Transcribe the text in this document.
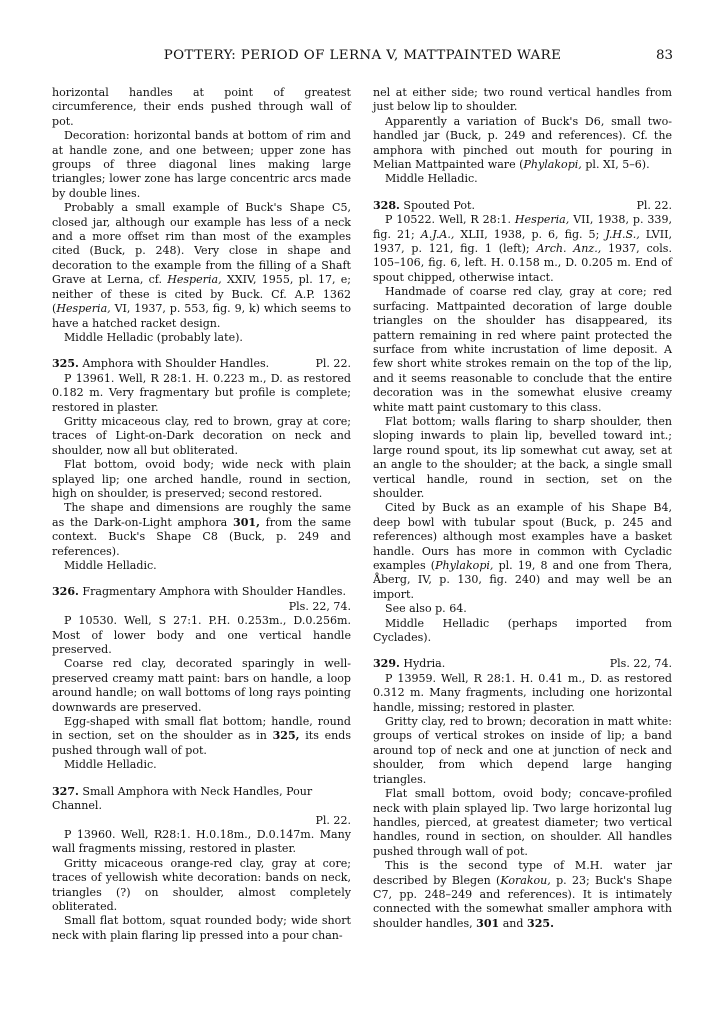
POTTERY: PERIOD OF LERNA V, MATTPAINTED WARE	83

horizontal handles at point of greatest circumference, their ends pushed through wall of pot.

Decoration: horizontal bands at bottom of rim and at handle zone, and one between; upper zone has groups of three diagonal lines making large triangles; lower zone has large concentric arcs made by double lines.

Probably a small example of Buck's Shape C5, closed jar, although our example has less of a neck and a more offset rim than most of the examples cited (Buck, p. 248). Very close in shape and decoration to the example from the filling of a Shaft Grave at Lerna, cf. Hesperia, XXIV, 1955, pl. 17, e; neither of these is cited by Buck. Cf. A.P. 1362 (Hesperia, VI, 1937, p. 553, fig. 9, k) which seems to have a hatched racket design.

Middle Helladic (probably late).

325. Amphora with Shoulder Handles.	Pl. 22.

P 13961. Well, R 28:1. H. 0.223 m., D. as restored 0.182 m. Very fragmentary but profile is complete; restored in plaster.

Gritty micaceous clay, red to brown, gray at core; traces of Light-on-Dark decoration on neck and shoulder, now all but obliterated.

Flat bottom, ovoid body; wide neck with plain splayed lip; one arched handle, round in section, high on shoulder, is preserved; second restored.

The shape and dimensions are roughly the same as the Dark-on-Light amphora 301, from the same context. Buck's Shape C8 (Buck, p. 249 and references).

Middle Helladic.

326. Fragmentary Amphora with Shoulder Handles.
Pls. 22, 74.

P 10530. Well, S 27:1. P.H. 0.253m., D.0.256m. Most of lower body and one vertical handle preserved.

Coarse red clay, decorated sparingly in well-preserved creamy matt paint: bars on handle, a loop around handle; on wall bottoms of long rays pointing downwards are preserved.

Egg-shaped with small flat bottom; handle, round in section, set on the shoulder as in 325, its ends pushed through wall of pot.

Middle Helladic.

327. Small Amphora with Neck Handles, Pour Channel.
Pl. 22.

P 13960. Well, R28:1. H.0.18m., D.0.147m. Many wall fragments missing, restored in plaster.

Gritty micaceous orange-red clay, gray at core; traces of yellowish white decoration: bands on neck, triangles (?) on shoulder, almost completely obliterated.

Small flat bottom, squat rounded body; wide short neck with plain flaring lip pressed into a pour chan-

nel at either side; two round vertical handles from just below lip to shoulder.

Apparently a variation of Buck's D6, small two-handled jar (Buck, p. 249 and references). Cf. the amphora with pinched out mouth for pouring in Melian Mattpainted ware (Phylakopi, pl. XI, 5–6).

Middle Helladic.

328. Spouted Pot.	Pl. 22.

P 10522. Well, R 28:1. Hesperia, VII, 1938, p. 339, fig. 21; A.J.A., XLII, 1938, p. 6, fig. 5; J.H.S., LVII, 1937, p. 121, fig. 1 (left); Arch. Anz., 1937, cols. 105–106, fig. 6, left. H. 0.158 m., D. 0.205 m. End of spout chipped, otherwise intact.

Handmade of coarse red clay, gray at core; red surfacing. Mattpainted decoration of large double triangles on the shoulder has disappeared, its pattern remaining in red where paint protected the surface from white incrustation of lime deposit. A few short white strokes remain on the top of the lip, and it seems reasonable to conclude that the entire decoration was in the somewhat elusive creamy white matt paint customary to this class.

Flat bottom; walls flaring to sharp shoulder, then sloping inwards to plain lip, bevelled toward int.; large round spout, its lip somewhat cut away, set at an angle to the shoulder; at the back, a single small vertical handle, round in section, set on the shoulder.

Cited by Buck as an example of his Shape B4, deep bowl with tubular spout (Buck, p. 245 and references) although most examples have a basket handle. Ours has more in common with Cycladic examples (Phylakopi, pl. 19, 8 and one from Thera, Åberg, IV, p. 130, fig. 240) and may well be an import.

See also p. 64.

Middle Helladic (perhaps imported from Cyclades).

329. Hydria.	Pls. 22, 74.

P 13959. Well, R 28:1. H. 0.41 m., D. as restored 0.312 m. Many fragments, including one horizontal handle, missing; restored in plaster.

Gritty clay, red to brown; decoration in matt white: groups of vertical strokes on inside of lip; a band around top of neck and one at junction of neck and shoulder, from which depend large hanging triangles.

Flat small bottom, ovoid body; concave-profiled neck with plain splayed lip. Two large horizontal lug handles, pierced, at greatest diameter; two vertical handles, round in section, on shoulder. All handles pushed through wall of pot.

This is the second type of M.H. water jar described by Blegen (Korakou, p. 23; Buck's Shape C7, pp. 248–249 and references). It is intimately connected with the somewhat smaller amphora with shoulder handles, 301 and 325.
